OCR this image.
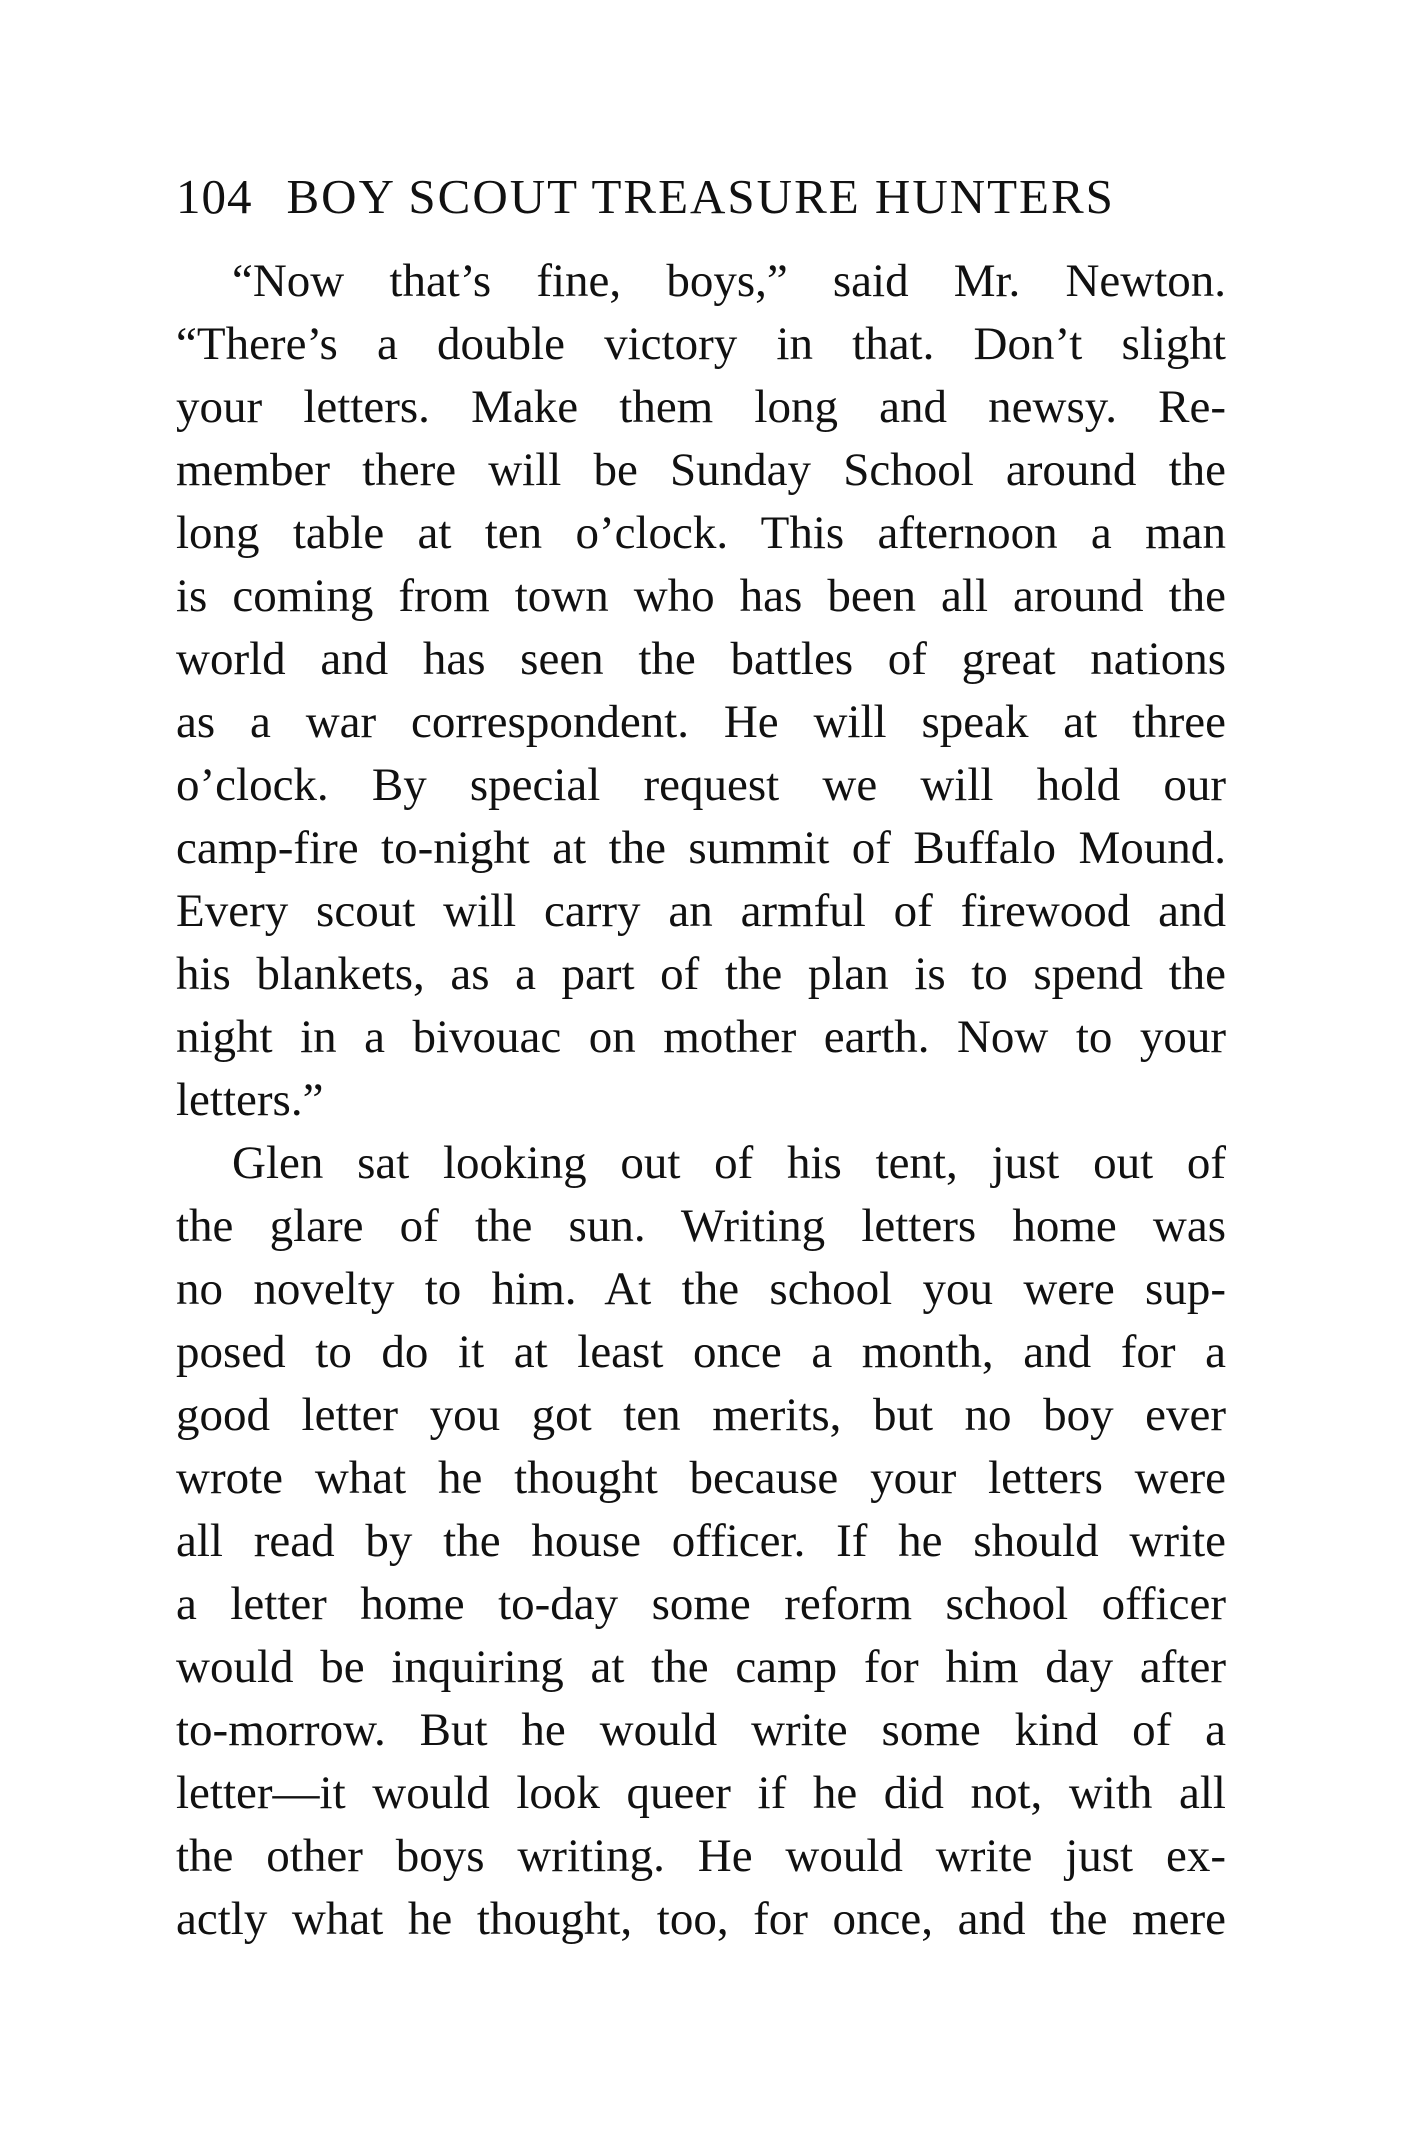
104 BOY SCOUT TREASURE HUNTERS
“Now that’s fine, boys,” said Mr. Newton.
“There’s a double victory in that. Don’t slight
your letters. Make them long and newsy. Re-
member there will be Sunday School around the
long table at ten o’clock. This afternoon a man
is coming from town who has been all around the
world and has seen the battles of great nations
as a war correspondent. He will speak at three
o’clock. By special request we will hold our
camp-fire to-night at the summit of Buffalo Mound.
Every scout will carry an armful of firewood and
his blankets, as a part of the plan is to spend the
night in a bivouac on mother earth. Now to your
letters.”
Glen sat looking out of his tent, just out of
the glare of the sun. Writing letters home was
no novelty to him. At the school you were sup-
posed to do it at least once a month, and for a
good letter you got ten merits, but no boy ever
wrote what he thought because your letters were
all read by the house officer. If he should write
a letter home to-day some reform school officer
would be inquiring at the camp for him day after
to-morrow. But he would write some kind of a
letter—it would look queer if he did not, with all
the other boys writing. He would write just ex-
actly what he thought, too, for once, and the mere
